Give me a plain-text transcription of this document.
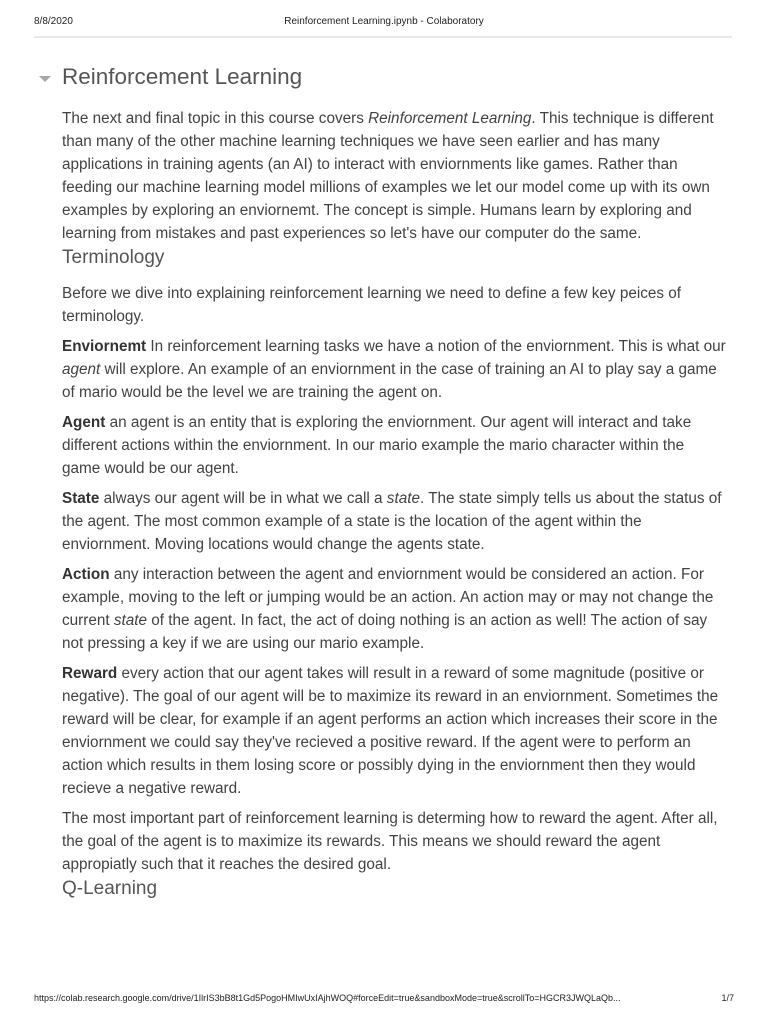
8/8/2020	Reinforcement Learning.ipynb - Colaboratory
Reinforcement Learning

The next and final topic in this course covers Reinforcement Learning. This technique is different than many of the other machine learning techniques we have seen earlier and has many applications in training agents (an AI) to interact with enviornments like games. Rather than feeding our machine learning model millions of examples we let our model come up with its own examples by exploring an enviornemt. The concept is simple. Humans learn by exploring and learning from mistakes and past experiences so let's have our computer do the same.

Terminology

Before we dive into explaining reinforcement learning we need to define a few key peices of terminology.

Enviornemt In reinforcement learning tasks we have a notion of the enviornment. This is what our agent will explore. An example of an enviornment in the case of training an AI to play say a game of mario would be the level we are training the agent on.

Agent an agent is an entity that is exploring the enviornment. Our agent will interact and take different actions within the enviornment. In our mario example the mario character within the game would be our agent.

State always our agent will be in what we call a state. The state simply tells us about the status of the agent. The most common example of a state is the location of the agent within the enviornment. Moving locations would change the agents state.

Action any interaction between the agent and enviornment would be considered an action. For example, moving to the left or jumping would be an action. An action may or may not change the current state of the agent. In fact, the act of doing nothing is an action as well! The action of say not pressing a key if we are using our mario example.

Reward every action that our agent takes will result in a reward of some magnitude (positive or negative). The goal of our agent will be to maximize its reward in an enviornment. Sometimes the reward will be clear, for example if an agent performs an action which increases their score in the enviornment we could say they've recieved a positive reward. If the agent were to perform an action which results in them losing score or possibly dying in the enviornment then they would recieve a negative reward.

The most important part of reinforcement learning is determing how to reward the agent. After all, the goal of the agent is to maximize its rewards. This means we should reward the agent appropiatly such that it reaches the desired goal.

Q-Learning
https://colab.research.google.com/drive/1IlrIS3bB8t1Gd5PogoHMIwUxIAjhWOQ#forceEdit=true&sandboxMode=true&scrollTo=HGCR3JWQLaQb...	1/7
